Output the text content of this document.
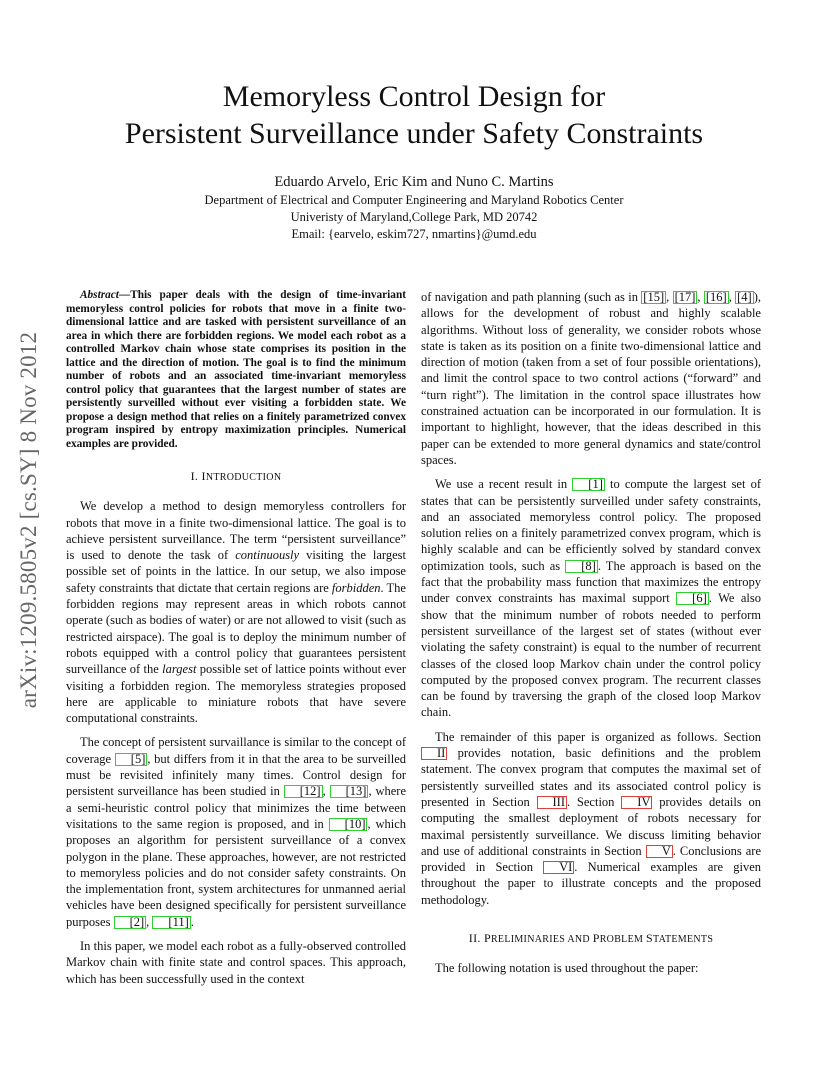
arXiv:1209.5805v2 [cs.SY] 8 Nov 2012
Memoryless Control Design for
Persistent Surveillance under Safety Constraints
Eduardo Arvelo, Eric Kim and Nuno C. Martins
Department of Electrical and Computer Engineering and Maryland Robotics Center
Univeristy of Maryland,College Park, MD 20742
Email: {earvelo, eskim727, nmartins}@umd.edu

Abstract—This paper deals with the design of time-invariant memoryless control policies for robots that move in a finite two-dimensional lattice and are tasked with persistent surveillance of an area in which there are forbidden regions. We model each robot as a controlled Markov chain whose state comprises its position in the lattice and the direction of motion. The goal is to find the minimum number of robots and an associated time-invariant memoryless control policy that guarantees that the largest number of states are persistently surveilled without ever visiting a forbidden state. We propose a design method that relies on a finitely parametrized convex program inspired by entropy maximization principles. Numerical examples are provided.

I. INTRODUCTION

We develop a method to design memoryless controllers for robots that move in a finite two-dimensional lattice. The goal is to achieve persistent surveillance. The term “persistent surveillance” is used to denote the task of continuously visiting the largest possible set of points in the lattice. In our setup, we also impose safety constraints that dictate that certain regions are forbidden. The forbidden regions may represent areas in which robots cannot operate (such as bodies of water) or are not allowed to visit (such as restricted airspace). The goal is to deploy the minimum number of robots equipped with a control policy that guarantees persistent surveillance of the largest possible set of lattice points without ever visiting a forbidden region. The memoryless strategies proposed here are applicable to miniature robots that have severe computational constraints.

The concept of persistent survaillance is similar to the concept of coverage [5] , but differs from it in that the area to be surveilled must be revisited infinitely many times. Control design for persistent surveillance has been studied in [12] , [13] , where a semi-heuristic control policy that minimizes the time between visitations to the same region is proposed, and in [10] , which proposes an algorithm for persistent surveillance of a convex polygon in the plane. These approaches, however, are not restricted to memoryless policies and do not consider safety constraints. On the implementation front, system architectures for unmanned aerial vehicles have been designed specifically for persistent surveillance purposes [2] , [11] .

In this paper, we model each robot as a fully-observed controlled Markov chain with finite state and control spaces. This approach, which has been successfully used in the context

of navigation and path planning (such as in [15] , [17] , [16] , [4] ), allows for the development of robust and highly scalable algorithms. Without loss of generality, we consider robots whose state is taken as its position on a finite two-dimensional lattice and direction of motion (taken from a set of four possible orientations), and limit the control space to two control actions (“forward” and “turn right”). The limitation in the control space illustrates how constrained actuation can be incorporated in our formulation. It is important to highlight, however, that the ideas described in this paper can be extended to more general dynamics and state/control spaces.

We use a recent result in [1] to compute the largest set of states that can be persistently surveilled under safety constraints, and an associated memoryless control policy. The proposed solution relies on a finitely parametrized convex program, which is highly scalable and can be efficiently solved by standard convex optimization tools, such as [8] . The approach is based on the fact that the probability mass function that maximizes the entropy under convex constraints has maximal support [6] . We also show that the minimum number of robots needed to perform persistent surveillance of the largest set of states (without ever violating the safety constraint) is equal to the number of recurrent classes of the closed loop Markov chain under the control policy computed by the proposed convex program. The recurrent classes can be found by traversing the graph of the closed loop Markov chain.

The remainder of this paper is organized as follows. Section II provides notation, basic definitions and the problem statement. The convex program that computes the maximal set of persistently surveilled states and its associated control policy is presented in Section III . Section IV provides details on computing the smallest deployment of robots necessary for maximal persistently surveillance. We discuss limiting behavior and use of additional constraints in Section V . Conclusions are provided in Section VI . Numerical examples are given throughout the paper to illustrate concepts and the proposed methodology.

II. PRELIMINARIES AND PROBLEM STATEMENTS

The following notation is used throughout the paper:
